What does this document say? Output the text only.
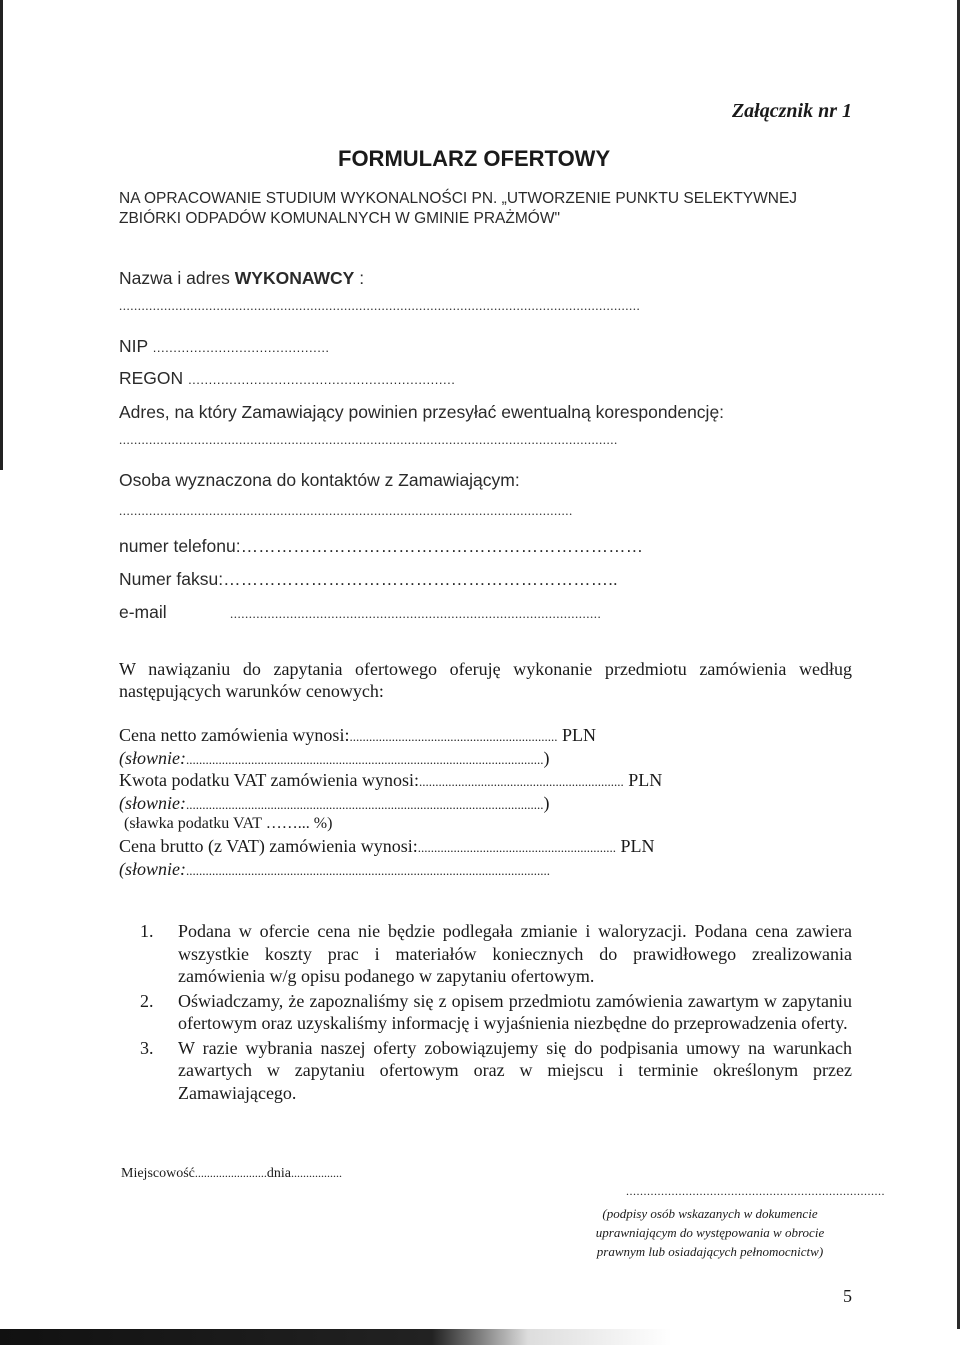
Załącznik nr 1
FORMULARZ OFERTOWY
NA OPRACOWANIE STUDIUM WYKONALNOŚCI PN. „UTWORZENIE PUNKTU SELEKTYWNEJ
ZBIÓRKI ODPADÓW KOMUNALNYCH W GMINIE PRAŻMÓW"
Nazwa i adres WYKONAWCY :
...........................................................................................................................................
NIP ...........................................
REGON .................................................................
Adres, na który Zamawiający powinien przesyłać ewentualną korespondencję:
.....................................................................................................................................
Osoba wyznaczona do kontaktów z Zamawiającym:
.........................................................................................................................
numer telefonu:……………………………………………………………
Numer faksu:…………………………………………………………..
e-mail	...................................................................................................
W nawiązaniu do zapytania ofertowego oferuję wykonanie przedmiotu zamówienia według następujących warunków cenowych:
Cena netto zamówienia wynosi:................................................................ PLN
(słownie:..............................................................................................................)
Kwota podatku VAT zamówienia wynosi:............................................................... PLN
(słownie:..............................................................................................................)
(sławka podatku VAT ……... %)
Cena brutto (z VAT) zamówienia wynosi:............................................................. PLN
(słownie:................................................................................................................
1. Podana w ofercie cena nie będzie podlegała zmianie i waloryzacji. Podana cena zawiera wszystkie koszty prac i materiałów koniecznych do prawidłowego zrealizowania zamówienia w/g opisu podanego w zapytaniu ofertowym.
2. Oświadczamy, że zapoznaliśmy się z opisem przedmiotu zamówienia zawartym w zapytaniu ofertowym oraz uzyskaliśmy informację i wyjaśnienia niezbędne do przeprowadzenia oferty.
3. W razie wybrania naszej oferty zobowiązujemy się do podpisania umowy na warunkach zawartych w zapytaniu ofertowym oraz w miejscu i terminie określonym przez Zamawiającego.
Miejscowość........................dnia.................
..........................................................................
(podpisy osób wskazanych w dokumencie
uprawniającym do występowania w obrocie
prawnym lub osiadających pełnomocnictw)
5
